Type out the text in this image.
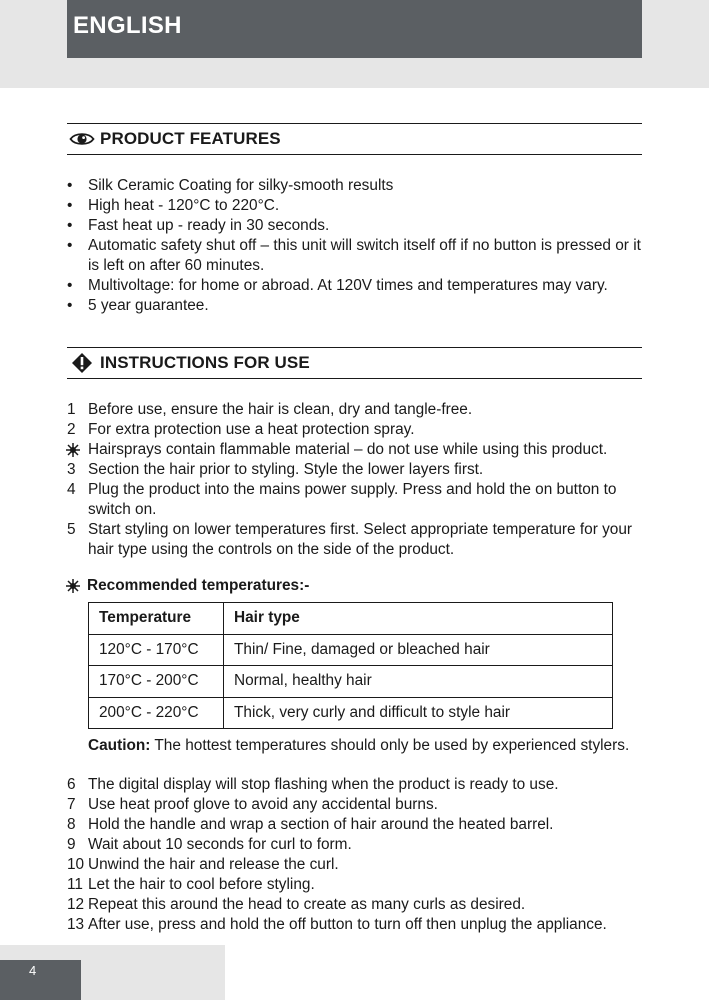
ENGLISH
PRODUCT FEATURES
• Silk Ceramic Coating for silky-smooth results
• High heat - 120°C to 220°C.
• Fast heat up - ready in 30 seconds.
• Automatic safety shut off – this unit will switch itself off if no button is pressed or it is left on after 60 minutes.
• Multivoltage: for home or abroad. At 120V times and temperatures may vary.
• 5 year guarantee.
INSTRUCTIONS FOR USE
1 Before use, ensure the hair is clean, dry and tangle-free.
2 For extra protection use a heat protection spray.
Hairsprays contain flammable material – do not use while using this product.
3 Section the hair prior to styling. Style the lower layers first.
4 Plug the product into the mains power supply. Press and hold the on button to switch on.
5 Start styling on lower temperatures first. Select appropriate temperature for your hair type using the controls on the side of the product.
Recommended temperatures:-
Temperature	Hair type
120°C - 170°C	Thin/ Fine, damaged or bleached hair
170°C - 200°C	Normal, healthy hair
200°C - 220°C	Thick, very curly and difficult to style hair
Caution: The hottest temperatures should only be used by experienced stylers.
6 The digital display will stop flashing when the product is ready to use.
7 Use heat proof glove to avoid any accidental burns.
8 Hold the handle and wrap a section of hair around the heated barrel.
9 Wait about 10 seconds for curl to form.
10 Unwind the hair and release the curl.
11 Let the hair to cool before styling.
12 Repeat this around the head to create as many curls as desired.
13 After use, press and hold the off button to turn off then unplug the appliance.
4
